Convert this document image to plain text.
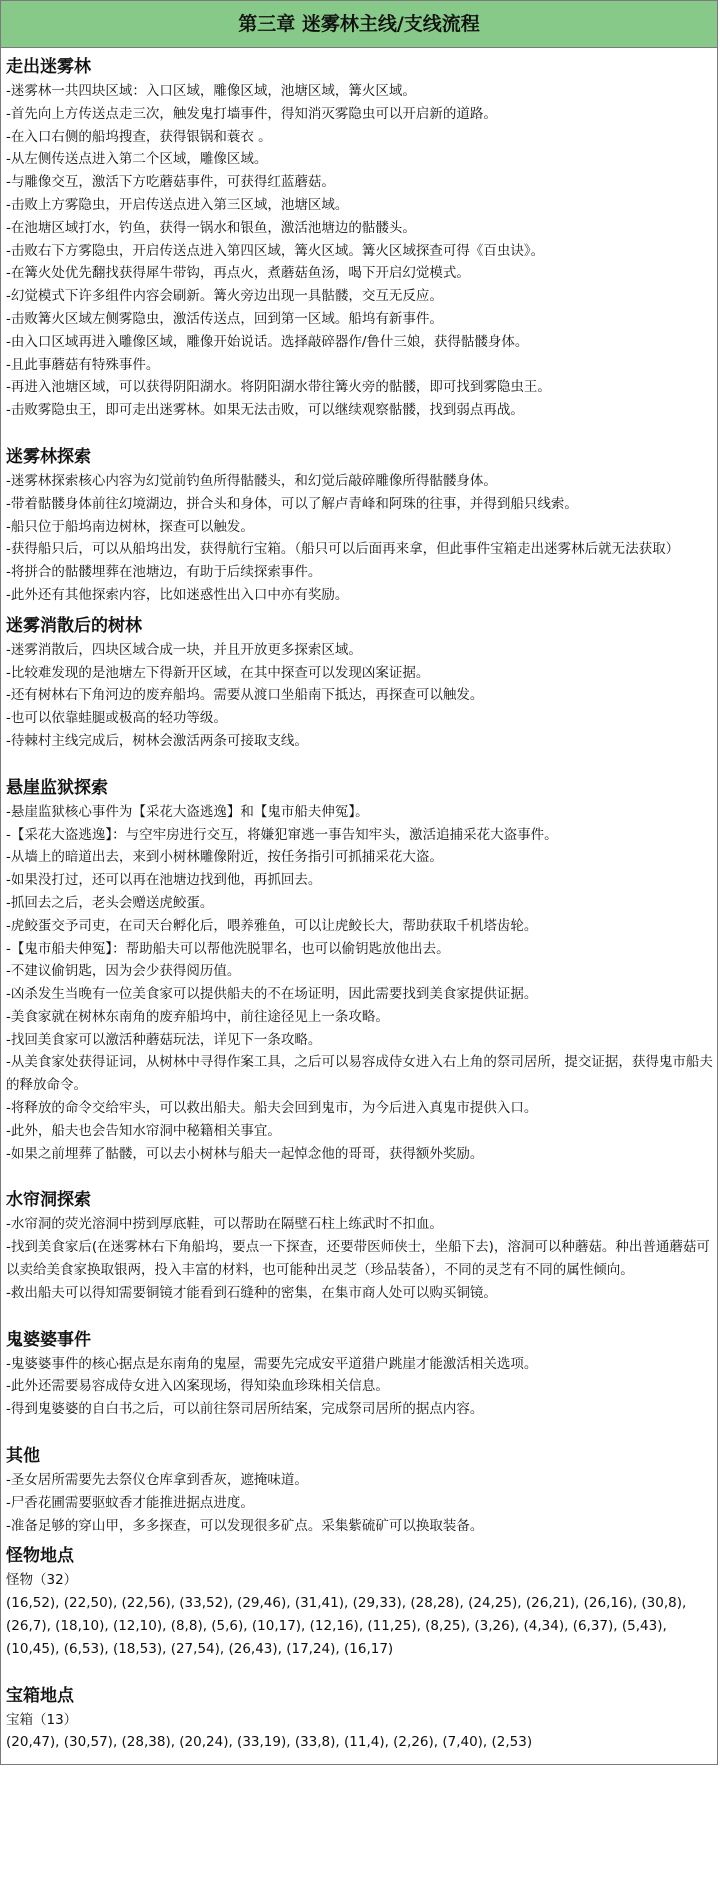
第三章 迷雾林主线/支线流程
走出迷雾林
-迷雾林一共四块区域：入口区域，雕像区域，池塘区域，篝火区域。
-首先向上方传送点走三次，触发鬼打墙事件，得知消灭雾隐虫可以开启新的道路。
-在入口右侧的船坞搜查，获得银锅和蓑衣 。
-从左侧传送点进入第二个区域，雕像区域。
-与雕像交互，激活下方吃蘑菇事件，可获得红蓝蘑菇。
-击败上方雾隐虫，开启传送点进入第三区域，池塘区域。
-在池塘区域打水，钓鱼，获得一锅水和银鱼，激活池塘边的骷髅头。
-击败右下方雾隐虫，开启传送点进入第四区域，篝火区域。篝火区域探查可得《百虫诀》。
-在篝火处优先翻找获得犀牛带钩，再点火，煮蘑菇鱼汤，喝下开启幻觉模式。
-幻觉模式下许多组件内容会刷新。篝火旁边出现一具骷髅，交互无反应。
-击败篝火区域左侧雾隐虫，激活传送点，回到第一区域。船坞有新事件。
-由入口区域再进入雕像区域，雕像开始说话。选择敲碎器作/鲁什三娘，获得骷髅身体。
-且此事蘑菇有特殊事件。
-再进入池塘区域，可以获得阴阳湖水。将阴阳湖水带往篝火旁的骷髅，即可找到雾隐虫王。
-击败雾隐虫王，即可走出迷雾林。如果无法击败，可以继续观察骷髅，找到弱点再战。
迷雾林探索
-迷雾林探索核心内容为幻觉前钓鱼所得骷髅头，和幻觉后敲碎雕像所得骷髅身体。
-带着骷髅身体前往幻境湖边，拼合头和身体，可以了解卢青峰和阿珠的往事，并得到船只线索。
-船只位于船坞南边树林，探查可以触发。
-获得船只后，可以从船坞出发，获得航行宝箱。（船只可以后面再来拿，但此事件宝箱走出迷雾林后就无法获取）
-将拼合的骷髅埋葬在池塘边，有助于后续探索事件。
-此外还有其他探索内容，比如迷惑性出入口中亦有奖励。
迷雾消散后的树林
-迷雾消散后，四块区域合成一块，并且开放更多探索区域。
-比较难发现的是池塘左下得新开区域，在其中探查可以发现凶案证据。
-还有树林右下角河边的废弃船坞。需要从渡口坐船南下抵达，再探查可以触发。
-也可以依靠蛙腿或极高的轻功等级。
-待棘村主线完成后，树林会激活两条可接取支线。
悬崖监狱探索
-悬崖监狱核心事件为【采花大盗逃逸】和【鬼市船夫伸冤】。
-【采花大盗逃逸】：与空牢房进行交互，将嫌犯窜逃一事告知牢头，激活追捕采花大盗事件。
-从墙上的暗道出去，来到小树林雕像附近，按任务指引可抓捕采花大盗。
-如果没打过，还可以再在池塘边找到他，再抓回去。
-抓回去之后，老头会赠送虎鲛蛋。
-虎鲛蛋交予司吏，在司天台孵化后，喂养雅鱼，可以让虎鲛长大，帮助获取千机塔齿轮。
-【鬼市船夫伸冤】：帮助船夫可以帮他洗脱罪名，也可以偷钥匙放他出去。
-不建议偷钥匙，因为会少获得阅历值。
-凶杀发生当晚有一位美食家可以提供船夫的不在场证明，因此需要找到美食家提供证据。
-美食家就在树林东南角的废弃船坞中，前往途径见上一条攻略。
-找回美食家可以激活种蘑菇玩法，详见下一条攻略。
-从美食家处获得证词，从树林中寻得作案工具，之后可以易容成侍女进入右上角的祭司居所，提交证据，获得鬼市船夫的释放命令。
-将释放的命令交给牢头，可以救出船夫。船夫会回到鬼市，为今后进入真鬼市提供入口。
-此外，船夫也会告知水帘洞中秘籍相关事宜。
-如果之前埋葬了骷髅，可以去小树林与船夫一起悼念他的哥哥，获得额外奖励。
水帘洞探索
-水帘洞的荧光溶洞中捞到厚底鞋，可以帮助在隔壁石柱上练武时不扣血。
-找到美食家后(在迷雾林右下角船坞，要点一下探查，还要带医师侠士，坐船下去)，溶洞可以种蘑菇。种出普通蘑菇可以卖给美食家换取银两，投入丰富的材料，也可能种出灵芝（珍品装备），不同的灵芝有不同的属性倾向。
-救出船夫可以得知需要铜镜才能看到石缝种的密集，在集市商人处可以购买铜镜。
鬼婆婆事件
-鬼婆婆事件的核心据点是东南角的鬼屋，需要先完成安平道猎户跳崖才能激活相关选项。
-此外还需要易容成侍女进入凶案现场，得知染血珍珠相关信息。
-得到鬼婆婆的自白书之后，可以前往祭司居所结案，完成祭司居所的据点内容。
其他
-圣女居所需要先去祭仪仓库拿到香灰，遮掩味道。
-尸香花圃需要驱蚊香才能推进据点进度。
-准备足够的穿山甲，多多探查，可以发现很多矿点。采集紫硫矿可以换取装备。
怪物地点
怪物（32）
(16,52), (22,50), (22,56), (33,52), (29,46), (31,41), (29,33), (28,28), (24,25), (26,21), (26,16), (30,8), (26,7), (18,10), (12,10), (8,8), (5,6), (10,17), (12,16), (11,25), (8,25), (3,26), (4,34), (6,37), (5,43), (10,45), (6,53), (18,53), (27,54), (26,43), (17,24), (16,17)
宝箱地点
宝箱（13）
(20,47), (30,57), (28,38), (20,24), (33,19), (33,8), (11,4), (2,26), (7,40), (2,53)
